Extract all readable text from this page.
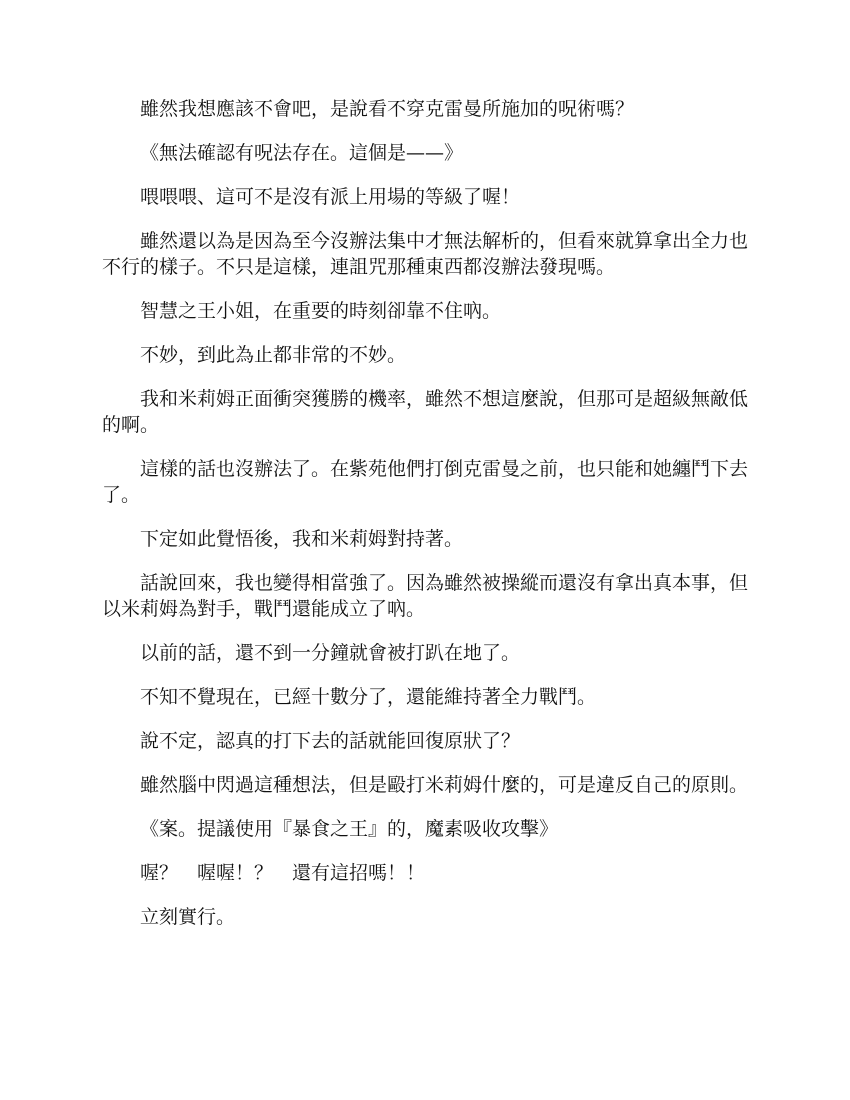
雖然我想應該不會吧，是說看不穿克雷曼所施加的呪術嗎？

《無法確認有呪法存在。這個是——》

喂喂喂、這可不是沒有派上用場的等級了喔！

雖然還以為是因為至今沒辦法集中才無法解析的，但看來就算拿出全力也不行的樣子。不只是這樣，連詛咒那種東西都沒辦法發現嗎。

智慧之王小姐，在重要的時刻卻靠不住吶。

不妙，到此為止都非常的不妙。

我和米莉姆正面衝突獲勝的機率，雖然不想這麼說，但那可是超級無敵低的啊。

這樣的話也沒辦法了。在紫苑他們打倒克雷曼之前，也只能和她纏鬥下去了。

下定如此覺悟後，我和米莉姆對持著。

話說回來，我也變得相當強了。因為雖然被操縱而還沒有拿出真本事，但以米莉姆為對手，戰鬥還能成立了吶。

以前的話，還不到一分鐘就會被打趴在地了。

不知不覺現在，已經十數分了，還能維持著全力戰鬥。

說不定，認真的打下去的話就能回復原狀了？

雖然腦中閃過這種想法，但是毆打米莉姆什麼的，可是違反自己的原則。

《案。提議使用『暴食之王』的，魔素吸收攻擊》

喔？　喔喔！？　還有這招嗎！！

立刻實行。
